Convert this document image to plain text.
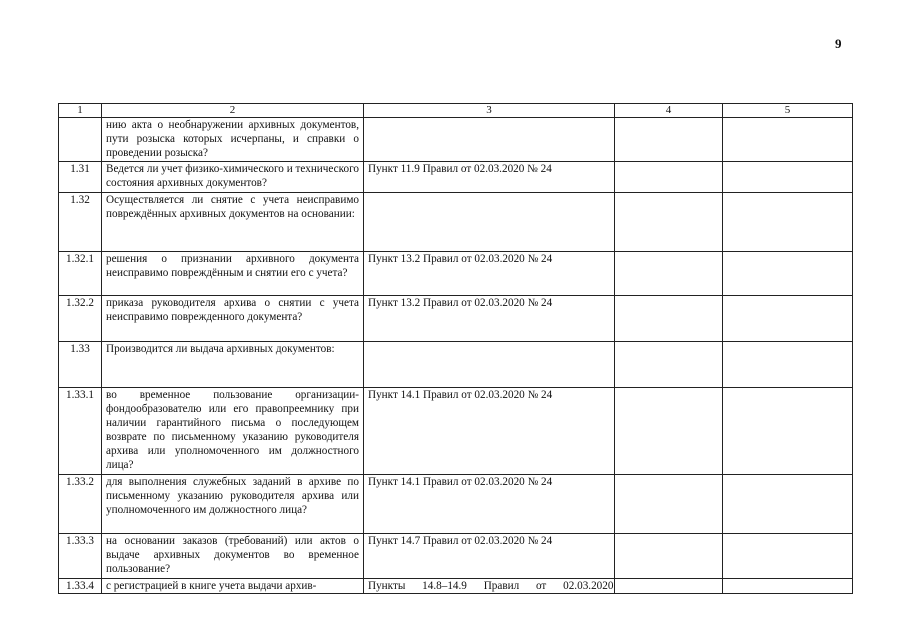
9
1	2	3	4	5
	нию акта о необнаружении архивных документов, пути розыска которых исчерпаны, и справки о проведении розыска?			
1.31	Ведется ли учет физико-химического и технического состояния архивных документов?	Пункт 11.9 Правил от 02.03.2020 № 24		
1.32	Осуществляется ли снятие с учета неисправимо повреждённых архивных документов на основании:			
1.32.1	решения о признании архивного документа неисправимо повреждённым и снятии его с учета?	Пункт 13.2 Правил от 02.03.2020 № 24		
1.32.2	приказа руководителя архива о снятии с учета неисправимо поврежденного документа?	Пункт 13.2 Правил от 02.03.2020 № 24		
1.33	Производится ли выдача архивных документов:			
1.33.1	во временное пользование организации-фондообразователю или его правопреемнику при наличии гарантийного письма о последующем возврате по письменному указанию руководителя архива или уполномоченного им должностного лица?	Пункт 14.1 Правил от 02.03.2020 № 24		
1.33.2	для выполнения служебных заданий в архиве по письменному указанию руководителя архива или уполномоченного им должностного лица?	Пункт 14.1 Правил от 02.03.2020 № 24		
1.33.3	на основании заказов (требований) или актов о выдаче архивных документов во временное пользование?	Пункт 14.7 Правил от 02.03.2020 № 24		
1.33.4	с регистрацией в книге учета выдачи архив-	Пункты 14.8–14.9 Правил от 02.03.2020		
